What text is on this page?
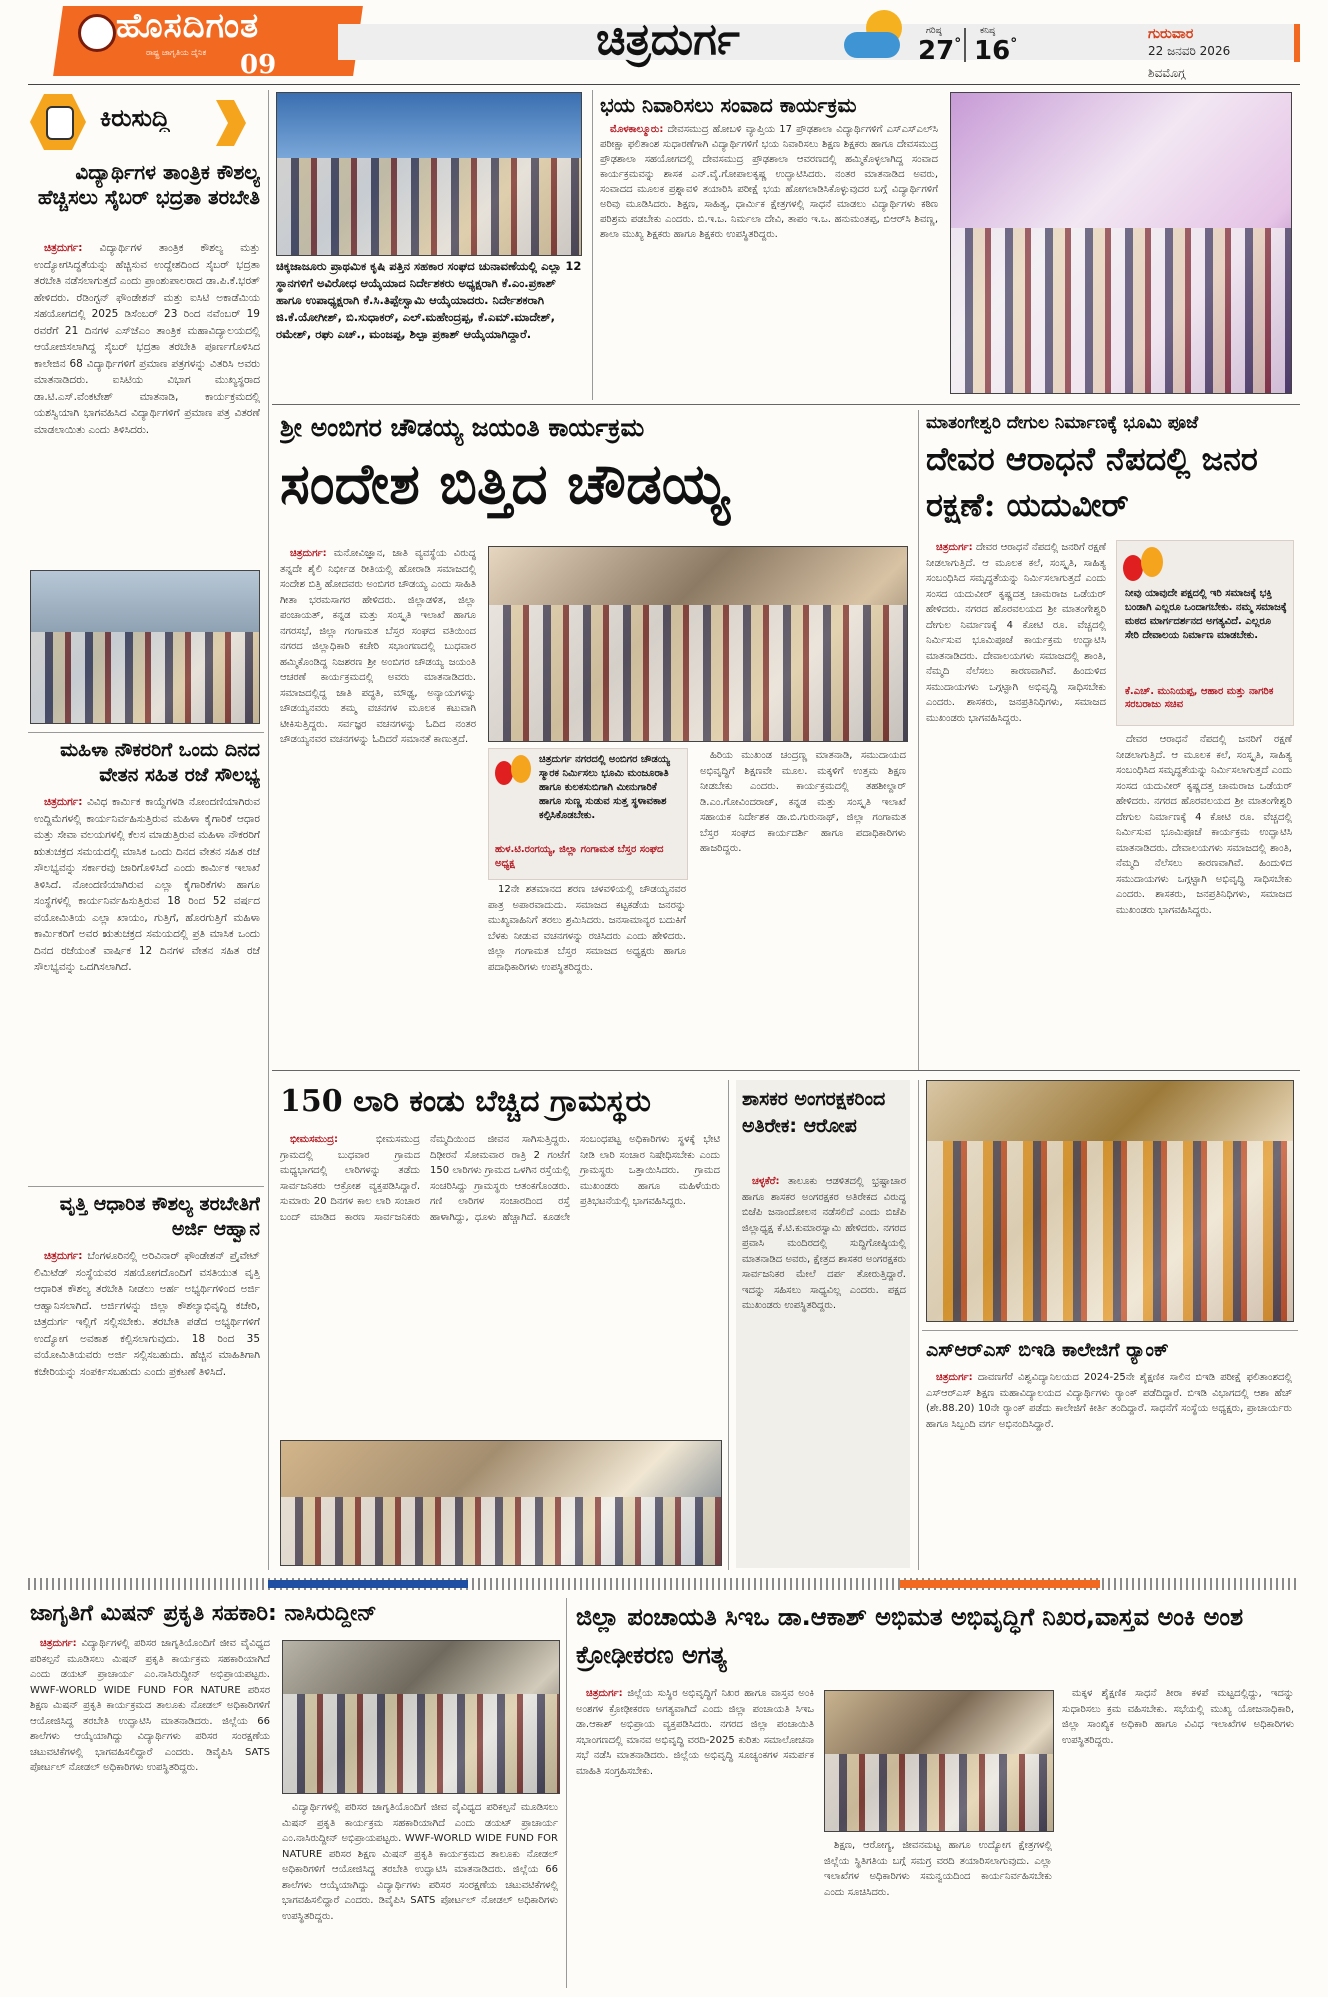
ಹೊಸದಿಗಂತ
ರಾಷ್ಟ್ರ ಜಾಗೃತಿಯ ದೈನಿಕ 09	ಚಿತ್ರದುರ್ಗ	ಗರಿಷ್ಠ
27°
ಕನಿಷ್ಠ
16°
ಗುರುವಾರ
22 ಜನವರಿ 2026
ಶಿವಮೊಗ್ಗ
ಕಿರುಸುದ್ದಿ
ವಿದ್ಯಾರ್ಥಿಗಳ ತಾಂತ್ರಿಕ ಕೌಶಲ್ಯ ಹೆಚ್ಚಿಸಲು ಸೈಬರ್ ಭದ್ರತಾ ತರಬೇತಿ

ಚಿತ್ರದುರ್ಗ: ವಿದ್ಯಾರ್ಥಿಗಳ ತಾಂತ್ರಿಕ ಕೌಶಲ್ಯ ಮತ್ತು ಉದ್ಯೋಗಸಿದ್ಧತೆಯನ್ನು ಹೆಚ್ಚಿಸುವ ಉದ್ದೇಶದಿಂದ ಸೈಬರ್ ಭದ್ರತಾ ತರಬೇತಿ ನಡೆಸಲಾಗುತ್ತದೆ ಎಂದು ಪ್ರಾಂಶುಪಾಲರಾದ ಡಾ.ಪಿ.ಕೆ.ಭರತ್ ಹೇಳಿದರು. ರೆಡಿಂಗ್ಟನ್ ಫೌಂಡೇಶನ್ ಮತ್ತು ಐಸಿಟಿ ಅಕಾಡೆಮಿಯ ಸಹಯೋಗದಲ್ಲಿ 2025 ಡಿಸೆಂಬರ್ 23 ರಿಂದ ನವೆಂಬರ್ 19 ರವರೆಗೆ 21 ದಿನಗಳ ಎಸ್‌ಜೆಎಂ ತಾಂತ್ರಿಕ ಮಹಾವಿದ್ಯಾಲಯದಲ್ಲಿ ಆಯೋಜಿಸಲಾಗಿದ್ದ ಸೈಬರ್ ಭದ್ರತಾ ತರಬೇತಿ ಪೂರ್ಣಗೊಳಿಸಿದ ಕಾಲೇಜಿನ 68 ವಿದ್ಯಾರ್ಥಿಗಳಿಗೆ ಪ್ರಮಾಣ ಪತ್ರಗಳನ್ನು ವಿತರಿಸಿ ಅವರು ಮಾತನಾಡಿದರು. ಐಸಿಟಿಯ ವಿಭಾಗ ಮುಖ್ಯಸ್ಥರಾದ ಡಾ.ಟಿ.ಎಸ್.ವೆಂಕಟೇಶ್ ಮಾತನಾಡಿ, ಕಾರ್ಯಕ್ರಮದಲ್ಲಿ ಯಶಸ್ವಿಯಾಗಿ ಭಾಗವಹಿಸಿದ ವಿದ್ಯಾರ್ಥಿಗಳಿಗೆ ಪ್ರಮಾಣ ಪತ್ರ ವಿತರಣೆ ಮಾಡಲಾಯಿತು ಎಂದು ತಿಳಿಸಿದರು.

ಮಹಿಳಾ ನೌಕರರಿಗೆ ಒಂದು ದಿನದ ವೇತನ ಸಹಿತ ರಜೆ ಸೌಲಭ್ಯ

ಚಿತ್ರದುರ್ಗ: ವಿವಿಧ ಕಾರ್ಮಿಕ ಕಾಯ್ದೆಗಳಡಿ ನೋಂದಣಿಯಾಗಿರುವ ಉದ್ದಿಮೆಗಳಲ್ಲಿ ಕಾರ್ಯನಿರ್ವಹಿಸುತ್ತಿರುವ ಮಹಿಳಾ ಕೈಗಾರಿಕೆ ಆಧಾರ ಮತ್ತು ಸೇವಾ ವಲಯಗಳಲ್ಲಿ ಕೆಲಸ ಮಾಡುತ್ತಿರುವ ಮಹಿಳಾ ನೌಕರರಿಗೆ ಋತುಚಕ್ರದ ಸಮಯದಲ್ಲಿ ಮಾಸಿಕ ಒಂದು ದಿನದ ವೇತನ ಸಹಿತ ರಜೆ ಸೌಲಭ್ಯವನ್ನು ಸರ್ಕಾರವು ಜಾರಿಗೊಳಿಸಿದೆ ಎಂದು ಕಾರ್ಮಿಕ ಇಲಾಖೆ ತಿಳಿಸಿದೆ. ನೋಂದಣಿಯಾಗಿರುವ ಎಲ್ಲಾ ಕೈಗಾರಿಕೆಗಳು ಹಾಗೂ ಸಂಸ್ಥೆಗಳಲ್ಲಿ ಕಾರ್ಯನಿರ್ವಹಿಸುತ್ತಿರುವ 18 ರಿಂದ 52 ವರ್ಷದ ವಯೋಮಿತಿಯ ಎಲ್ಲಾ ಖಾಯಂ, ಗುತ್ತಿಗೆ, ಹೊರಗುತ್ತಿಗೆ ಮಹಿಳಾ ಕಾರ್ಮಿಕರಿಗೆ ಅವರ ಋತುಚಕ್ರದ ಸಮಯದಲ್ಲಿ ಪ್ರತಿ ಮಾಸಿಕ ಒಂದು ದಿನದ ರಜೆಯಂತೆ ವಾರ್ಷಿಕ 12 ದಿನಗಳ ವೇತನ ಸಹಿತ ರಜೆ ಸೌಲಭ್ಯವನ್ನು ಒದಗಿಸಲಾಗಿದೆ.

ವೃತ್ತಿ ಆಧಾರಿತ ಕೌಶಲ್ಯ ತರಬೇತಿಗೆ ಅರ್ಜಿ ಆಹ್ವಾನ

ಚಿತ್ರದುರ್ಗ: ಬೆಂಗಳೂರಿನಲ್ಲಿ ಅರಿವಿನಾರ್ ಫೌಂಡೇಶನ್ ಪ್ರೈವೇಟ್ ಲಿಮಿಟೆಡ್ ಸಂಸ್ಥೆಯವರ ಸಹಯೋಗದೊಂದಿಗೆ ವಸತಿಯುತ ವೃತ್ತಿ ಆಧಾರಿತ ಕೌಶಲ್ಯ ತರಬೇತಿ ನೀಡಲು ಅರ್ಹ ಅಭ್ಯರ್ಥಿಗಳಿಂದ ಅರ್ಜಿ ಆಹ್ವಾನಿಸಲಾಗಿದೆ. ಅರ್ಜಿಗಳನ್ನು ಜಿಲ್ಲಾ ಕೌಶಲ್ಯಾಭಿವೃದ್ಧಿ ಕಚೇರಿ, ಚಿತ್ರದುರ್ಗ ಇಲ್ಲಿಗೆ ಸಲ್ಲಿಸಬೇಕು. ತರಬೇತಿ ಪಡೆದ ಅಭ್ಯರ್ಥಿಗಳಿಗೆ ಉದ್ಯೋಗ ಅವಕಾಶ ಕಲ್ಪಿಸಲಾಗುವುದು. 18 ರಿಂದ 35 ವಯೋಮಿತಿಯವರು ಅರ್ಜಿ ಸಲ್ಲಿಸಬಹುದು. ಹೆಚ್ಚಿನ ಮಾಹಿತಿಗಾಗಿ ಕಚೇರಿಯನ್ನು ಸಂಪರ್ಕಿಸಬಹುದು ಎಂದು ಪ್ರಕಟಣೆ ತಿಳಿಸಿದೆ.

ಚಿಕ್ಕಜಾಜೂರು ಪ್ರಾಥಮಿಕ ಕೃಷಿ ಪತ್ತಿನ ಸಹಕಾರ ಸಂಘದ ಚುನಾವಣೆಯಲ್ಲಿ ಎಲ್ಲಾ 12 ಸ್ಥಾನಗಳಿಗೆ ಅವಿರೋಧ ಆಯ್ಕೆಯಾದ ನಿರ್ದೇಶಕರು ಅಧ್ಯಕ್ಷರಾಗಿ ಕೆ.ಎಂ.ಪ್ರಕಾಶ್ ಹಾಗೂ ಉಪಾಧ್ಯಕ್ಷರಾಗಿ ಕೆ.ಸಿ.ತಿಪ್ಪೇಸ್ವಾಮಿ ಆಯ್ಕೆಯಾದರು. ನಿರ್ದೇಶಕರಾಗಿ ಜಿ.ಕೆ.ಯೋಗೀಶ್, ಬಿ.ಸುಧಾಕರ್, ಎಲ್.ಮಹೇಂದ್ರಪ್ಪ, ಕೆ.ಎಮ್.ಮಾದೇಶ್, ರಮೇಶ್, ರಘು ಎಚ್., ಮಂಜಪ್ಪ, ಶಿಲ್ಪಾ ಪ್ರಕಾಶ್ ಆಯ್ಕೆಯಾಗಿದ್ದಾರೆ.
ಭಯ ನಿವಾರಿಸಲು ಸಂವಾದ ಕಾರ್ಯಕ್ರಮ

ಮೊಳಕಾಲ್ಮೂರು: ದೇವಸಮುದ್ರ ಹೋಬಳಿ ವ್ಯಾಪ್ತಿಯ 17 ಪ್ರೌಢಶಾಲಾ ವಿದ್ಯಾರ್ಥಿಗಳಿಗೆ ಎಸ್‌ಎಸ್‌ಎಲ್‌ಸಿ ಪರೀಕ್ಷಾ ಫಲಿತಾಂಶ ಸುಧಾರಣೆಗಾಗಿ ವಿದ್ಯಾರ್ಥಿಗಳಿಗೆ ಭಯ ನಿವಾರಿಸಲು ಶಿಕ್ಷಣ ಶಿಕ್ಷಕರು ಹಾಗೂ ದೇವಸಮುದ್ರ ಪ್ರೌಢಶಾಲಾ ಸಹಯೋಗದಲ್ಲಿ ದೇವಸಮುದ್ರ ಪ್ರೌಢಶಾಲಾ ಆವರಣದಲ್ಲಿ ಹಮ್ಮಿಕೊಳ್ಳಲಾಗಿದ್ದ ಸಂವಾದ ಕಾರ್ಯಕ್ರಮವನ್ನು ಶಾಸಕ ಎನ್.ವೈ.ಗೋಪಾಲಕೃಷ್ಣ ಉದ್ಘಾಟಿಸಿದರು. ನಂತರ ಮಾತನಾಡಿದ ಅವರು, ಸಂವಾದದ ಮೂಲಕ ಪ್ರಶ್ನಾವಳಿ ತಯಾರಿಸಿ ಪರೀಕ್ಷೆ ಭಯ ಹೋಗಲಾಡಿಸಿಕೊಳ್ಳುವುದರ ಬಗ್ಗೆ ವಿದ್ಯಾರ್ಥಿಗಳಿಗೆ ಅರಿವು ಮೂಡಿಸಿದರು. ಶಿಕ್ಷಣ, ಸಾಹಿತ್ಯ, ಧಾರ್ಮಿಕ ಕ್ಷೇತ್ರಗಳಲ್ಲಿ ಸಾಧನೆ ಮಾಡಲು ವಿದ್ಯಾರ್ಥಿಗಳು ಕಠಿಣ ಪರಿಶ್ರಮ ಪಡಬೇಕು ಎಂದರು. ಬಿ.ಇ.ಒ. ನಿರ್ಮಲಾ ದೇವಿ, ತಾಪಂ ಇ.ಒ. ಹನುಮಂತಪ್ಪ, ಬಿಆರ್‌ಸಿ ಶಿವಣ್ಣ, ಶಾಲಾ ಮುಖ್ಯ ಶಿಕ್ಷಕರು ಹಾಗೂ ಶಿಕ್ಷಕರು ಉಪಸ್ಥಿತರಿದ್ದರು.

ಶ್ರೀ ಅಂಬಿಗರ ಚೌಡಯ್ಯ ಜಯಂತಿ ಕಾರ್ಯಕ್ರಮ
ಸಂದೇಶ ಬಿತ್ತಿದ ಚೌಡಯ್ಯ

ಚಿತ್ರದುರ್ಗ: ಮನೋವಿಜ್ಞಾನ, ಜಾತಿ ವ್ಯವಸ್ಥೆಯ ವಿರುದ್ಧ ತನ್ನದೇ ಶೈಲಿ ನಿರ್ಭೀಡ ರೀತಿಯಲ್ಲಿ ಹೋರಾಡಿ ಸಮಾಜದಲ್ಲಿ ಸಂದೇಶ ಬಿತ್ತಿ ಹೋದವರು ಅಂಬಿಗರ ಚೌಡಯ್ಯ ಎಂದು ಸಾಹಿತಿ ಗೀತಾ ಭರಮಸಾಗರ ಹೇಳಿದರು. ಜಿಲ್ಲಾಡಳಿತ, ಜಿಲ್ಲಾ ಪಂಚಾಯತ್, ಕನ್ನಡ ಮತ್ತು ಸಂಸ್ಕೃತಿ ಇಲಾಖೆ ಹಾಗೂ ನಗರಸಭೆ, ಜಿಲ್ಲಾ ಗಂಗಾಮತ ಬೆಸ್ತರ ಸಂಘದ ವತಿಯಿಂದ ನಗರದ ಜಿಲ್ಲಾಧಿಕಾರಿ ಕಚೇರಿ ಸಭಾಂಗಣದಲ್ಲಿ ಬುಧವಾರ ಹಮ್ಮಿಕೊಂಡಿದ್ದ ನಿಜಶರಣ ಶ್ರೀ ಅಂಬಿಗರ ಚೌಡಯ್ಯ ಜಯಂತಿ ಆಚರಣೆ ಕಾರ್ಯಕ್ರಮದಲ್ಲಿ ಅವರು ಮಾತನಾಡಿದರು. ಸಮಾಜದಲ್ಲಿದ್ದ ಜಾತಿ ಪದ್ಧತಿ, ಮೌಢ್ಯ, ಅನ್ಯಾಯಗಳನ್ನು ಚೌಡಯ್ಯನವರು ತಮ್ಮ ವಚನಗಳ ಮೂಲಕ ಕಟುವಾಗಿ ಟೀಕಿಸುತ್ತಿದ್ದರು. ಸರ್ವಜ್ಞರ ವಚನಗಳನ್ನು ಓದಿದ ನಂತರ ಚೌಡಯ್ಯನವರ ವಚನಗಳನ್ನು ಓದಿದರೆ ಸಮಾನತೆ ಕಾಣುತ್ತದೆ.

ಚಿತ್ರದುರ್ಗ ನಗರದಲ್ಲಿ ಅಂಬಿಗರ ಚೌಡಯ್ಯ ಸ್ಮಾರಕ ನಿರ್ಮಿಸಲು ಭೂಮಿ ಮಂಜೂರಾತಿ ಹಾಗೂ ಕುಲಕಸುಬಿಗಾಗಿ ಮೀನುಗಾರಿಕೆ ಹಾಗೂ ಸುಣ್ಣ ಸುಡುವ ಸುತ್ತ ಸ್ಥಳಾವಕಾಶ ಕಲ್ಪಿಸಿಕೊಡಬೇಕು.
ಹುಳ.ಟಿ.ರಂಗಯ್ಯ, ಜಿಲ್ಲಾ ಗಂಗಾಮತ ಬೆಸ್ತರ ಸಂಘದ ಅಧ್ಯಕ್ಷ

12ನೇ ಶತಮಾನದ ಶರಣ ಚಳವಳಿಯಲ್ಲಿ ಚೌಡಯ್ಯನವರ ಪಾತ್ರ ಅಪಾರವಾದುದು. ಸಮಾಜದ ಕಟ್ಟಕಡೆಯ ಜನರನ್ನು ಮುಖ್ಯವಾಹಿನಿಗೆ ತರಲು ಶ್ರಮಿಸಿದರು. ಜನಸಾಮಾನ್ಯರ ಬದುಕಿಗೆ ಬೆಳಕು ನೀಡುವ ವಚನಗಳನ್ನು ರಚಿಸಿದರು ಎಂದು ಹೇಳಿದರು. ಜಿಲ್ಲಾ ಗಂಗಾಮತ ಬೆಸ್ತರ ಸಮಾಜದ ಅಧ್ಯಕ್ಷರು ಹಾಗೂ ಪದಾಧಿಕಾರಿಗಳು ಉಪಸ್ಥಿತರಿದ್ದರು.

ಹಿರಿಯ ಮುಖಂಡ ಚಂದ್ರಣ್ಣ ಮಾತನಾಡಿ, ಸಮುದಾಯದ ಅಭಿವೃದ್ಧಿಗೆ ಶಿಕ್ಷಣವೇ ಮೂಲ. ಮಕ್ಕಳಿಗೆ ಉತ್ತಮ ಶಿಕ್ಷಣ ನೀಡಬೇಕು ಎಂದರು. ಕಾರ್ಯಕ್ರಮದಲ್ಲಿ ತಹಶೀಲ್ದಾರ್ ಡಿ.ಎಂ.ಗೋವಿಂದರಾಜ್, ಕನ್ನಡ ಮತ್ತು ಸಂಸ್ಕೃತಿ ಇಲಾಖೆ ಸಹಾಯಕ ನಿರ್ದೇಶಕ ಡಾ.ಬಿ.ಗುರುನಾಥ್, ಜಿಲ್ಲಾ ಗಂಗಾಮತ ಬೆಸ್ತರ ಸಂಘದ ಕಾರ್ಯದರ್ಶಿ ಹಾಗೂ ಪದಾಧಿಕಾರಿಗಳು ಹಾಜರಿದ್ದರು.

ಮಾತಂಗೇಶ್ವರಿ ದೇಗುಲ ನಿರ್ಮಾಣಕ್ಕೆ ಭೂಮಿ ಪೂಜೆ
ದೇವರ ಆರಾಧನೆ ನೆಪದಲ್ಲಿ ಜನರ ರಕ್ಷಣೆ: ಯದುವೀರ್

ಚಿತ್ರದುರ್ಗ: ದೇವರ ಆರಾಧನೆ ನೆಪದಲ್ಲಿ ಜನರಿಗೆ ರಕ್ಷಣೆ ನೀಡಲಾಗುತ್ತಿದೆ. ಆ ಮೂಲಕ ಕಲೆ, ಸಂಸ್ಕೃತಿ, ಸಾಹಿತ್ಯ ಸಂಬಂಧಿಸಿದ ಸಮೃದ್ಧತೆಯನ್ನು ನಿರ್ಮಿಸಲಾಗುತ್ತದೆ ಎಂದು ಸಂಸದ ಯದುವೀರ್ ಕೃಷ್ಣದತ್ತ ಚಾಮರಾಜ ಒಡೆಯರ್ ಹೇಳಿದರು. ನಗರದ ಹೊರವಲಯದ ಶ್ರೀ ಮಾತಂಗೇಶ್ವರಿ ದೇಗುಲ ನಿರ್ಮಾಣಕ್ಕೆ 4 ಕೋಟಿ ರೂ. ವೆಚ್ಚದಲ್ಲಿ ನಿರ್ಮಿಸುವ ಭೂಮಿಪೂಜೆ ಕಾರ್ಯಕ್ರಮ ಉದ್ಘಾಟಿಸಿ ಮಾತನಾಡಿದರು. ದೇವಾಲಯಗಳು ಸಮಾಜದಲ್ಲಿ ಶಾಂತಿ, ನೆಮ್ಮದಿ ನೆಲೆಸಲು ಕಾರಣವಾಗಿವೆ. ಹಿಂದುಳಿದ ಸಮುದಾಯಗಳು ಒಗ್ಗಟ್ಟಾಗಿ ಅಭಿವೃದ್ಧಿ ಸಾಧಿಸಬೇಕು ಎಂದರು. ಶಾಸಕರು, ಜನಪ್ರತಿನಿಧಿಗಳು, ಸಮಾಜದ ಮುಖಂಡರು ಭಾಗವಹಿಸಿದ್ದರು.

ನೀವು ಯಾವುದೇ ಪಕ್ಷದಲ್ಲಿ ಇರಿ ಸಮಾಜಕ್ಕೆ ಭಕ್ತಿ ಬಂಡಾಗಿ ಎಲ್ಲರೂ ಒಂದಾಗಬೇಕು. ನಮ್ಮ ಸಮಾಜಕ್ಕೆ ಮಠದ ಮಾರ್ಗದರ್ಶನದ ಅಗತ್ಯವಿದೆ. ಎಲ್ಲರೂ ಸೇರಿ ದೇವಾಲಯ ನಿರ್ಮಾಣ ಮಾಡಬೇಕು.
ಕೆ.ಎಚ್. ಮುನಿಯಪ್ಪ, ಆಹಾರ ಮತ್ತು ನಾಗರಿಕ ಸರಬರಾಜು ಸಚಿವ

ದೇವರ ಆರಾಧನೆ ನೆಪದಲ್ಲಿ ಜನರಿಗೆ ರಕ್ಷಣೆ ನೀಡಲಾಗುತ್ತಿದೆ. ಆ ಮೂಲಕ ಕಲೆ, ಸಂಸ್ಕೃತಿ, ಸಾಹಿತ್ಯ ಸಂಬಂಧಿಸಿದ ಸಮೃದ್ಧತೆಯನ್ನು ನಿರ್ಮಿಸಲಾಗುತ್ತದೆ ಎಂದು ಸಂಸದ ಯದುವೀರ್ ಕೃಷ್ಣದತ್ತ ಚಾಮರಾಜ ಒಡೆಯರ್ ಹೇಳಿದರು. ನಗರದ ಹೊರವಲಯದ ಶ್ರೀ ಮಾತಂಗೇಶ್ವರಿ ದೇಗುಲ ನಿರ್ಮಾಣಕ್ಕೆ 4 ಕೋಟಿ ರೂ. ವೆಚ್ಚದಲ್ಲಿ ನಿರ್ಮಿಸುವ ಭೂಮಿಪೂಜೆ ಕಾರ್ಯಕ್ರಮ ಉದ್ಘಾಟಿಸಿ ಮಾತನಾಡಿದರು. ದೇವಾಲಯಗಳು ಸಮಾಜದಲ್ಲಿ ಶಾಂತಿ, ನೆಮ್ಮದಿ ನೆಲೆಸಲು ಕಾರಣವಾಗಿವೆ. ಹಿಂದುಳಿದ ಸಮುದಾಯಗಳು ಒಗ್ಗಟ್ಟಾಗಿ ಅಭಿವೃದ್ಧಿ ಸಾಧಿಸಬೇಕು ಎಂದರು. ಶಾಸಕರು, ಜನಪ್ರತಿನಿಧಿಗಳು, ಸಮಾಜದ ಮುಖಂಡರು ಭಾಗವಹಿಸಿದ್ದರು.

150 ಲಾರಿ ಕಂಡು ಬೆಚ್ಚಿದ ಗ್ರಾಮಸ್ಥರು

ಭೀಮಸಮುದ್ರ:	ಭೀಮಸಮುದ್ರ ಗ್ರಾಮದಲ್ಲಿ ಬುಧವಾರ ಗ್ರಾಮದ ಮಧ್ಯಭಾಗದಲ್ಲಿ ಲಾರಿಗಳನ್ನು ತಡೆದು ಸಾರ್ವಜನಿಕರು ಆಕ್ರೋಶ ವ್ಯಕ್ತಪಡಿಸಿದ್ದಾರೆ. ಸುಮಾರು 20 ದಿನಗಳ ಕಾಲ ಲಾರಿ ಸಂಚಾರ ಬಂದ್ ಮಾಡಿದ ಕಾರಣ ಸಾರ್ವಜನಿಕರು ನೆಮ್ಮದಿಯಿಂದ ಜೀವನ ಸಾಗಿಸುತ್ತಿದ್ದರು. ದಿಢೀರನೆ ಸೋಮವಾರ ರಾತ್ರಿ 2 ಗಂಟೆಗೆ 150 ಲಾರಿಗಳು ಗ್ರಾಮದ ಒಳಗಿನ ರಸ್ತೆಯಲ್ಲಿ ಸಂಚರಿಸಿದ್ದು ಗ್ರಾಮಸ್ಥರು ಆತಂಕಗೊಂಡರು. ಗಣಿ ಲಾರಿಗಳ ಸಂಚಾರದಿಂದ ರಸ್ತೆ ಹಾಳಾಗಿದ್ದು, ಧೂಳು ಹೆಚ್ಚಾಗಿದೆ. ಕೂಡಲೇ ಸಂಬಂಧಪಟ್ಟ ಅಧಿಕಾರಿಗಳು ಸ್ಥಳಕ್ಕೆ ಭೇಟಿ ನೀಡಿ ಲಾರಿ ಸಂಚಾರ ನಿಷೇಧಿಸಬೇಕು ಎಂದು ಗ್ರಾಮಸ್ಥರು ಒತ್ತಾಯಿಸಿದರು. ಗ್ರಾಮದ ಮುಖಂಡರು ಹಾಗೂ ಮಹಿಳೆಯರು ಪ್ರತಿಭಟನೆಯಲ್ಲಿ ಭಾಗವಹಿಸಿದ್ದರು.

ಶಾಸಕರ ಅಂಗರಕ್ಷಕರಿಂದ ಅತಿರೇಕ: ಆರೋಪ

ಚಳ್ಳಕೆರೆ: ತಾಲೂಕು ಆಡಳಿತದಲ್ಲಿ ಭ್ರಷ್ಟಾಚಾರ ಹಾಗೂ ಶಾಸಕರ ಅಂಗರಕ್ಷಕರ ಅತಿರೇಕದ ವಿರುದ್ಧ ಬಿಜೆಪಿ ಜನಾಂದೋಲನ ನಡೆಸಲಿದೆ ಎಂದು ಬಿಜೆಪಿ ಜಿಲ್ಲಾಧ್ಯಕ್ಷ ಕೆ.ಟಿ.ಕುಮಾರಸ್ವಾಮಿ ಹೇಳಿದರು. ನಗರದ ಪ್ರವಾಸಿ ಮಂದಿರದಲ್ಲಿ ಸುದ್ದಿಗೋಷ್ಠಿಯಲ್ಲಿ ಮಾತನಾಡಿದ ಅವರು, ಕ್ಷೇತ್ರದ ಶಾಸಕರ ಅಂಗರಕ್ಷಕರು ಸಾರ್ವಜನಿಕರ ಮೇಲೆ ದರ್ಪ ತೋರುತ್ತಿದ್ದಾರೆ. ಇದನ್ನು ಸಹಿಸಲು ಸಾಧ್ಯವಿಲ್ಲ ಎಂದರು. ಪಕ್ಷದ ಮುಖಂಡರು ಉಪಸ್ಥಿತರಿದ್ದರು.

ಎಸ್‌ಆರ್‌ಎಸ್ ಬಿಇಡಿ ಕಾಲೇಜಿಗೆ ರ್‍ಯಾಂಕ್

ಚಿತ್ರದುರ್ಗ: ದಾವಣಗೆರೆ ವಿಶ್ವವಿದ್ಯಾನಿಲಯದ 2024-25ನೇ ಶೈಕ್ಷಣಿಕ ಸಾಲಿನ ಬಿಇಡಿ ಪರೀಕ್ಷೆ ಫಲಿತಾಂಶದಲ್ಲಿ ಎಸ್‌ಆರ್‌ಎಸ್ ಶಿಕ್ಷಣ ಮಹಾವಿದ್ಯಾಲಯದ ವಿದ್ಯಾರ್ಥಿಗಳು ರ್‍ಯಾಂಕ್ ಪಡೆದಿದ್ದಾರೆ. ಬಿಇಡಿ ವಿಭಾಗದಲ್ಲಿ ಆಶಾ ಹೆಚ್ (ಶೇ.88.20) 10ನೇ ರ್‍ಯಾಂಕ್ ಪಡೆದು ಕಾಲೇಜಿಗೆ ಕೀರ್ತಿ ತಂದಿದ್ದಾರೆ. ಸಾಧನೆಗೆ ಸಂಸ್ಥೆಯ ಅಧ್ಯಕ್ಷರು, ಪ್ರಾಚಾರ್ಯರು ಹಾಗೂ ಸಿಬ್ಬಂದಿ ವರ್ಗ ಅಭಿನಂದಿಸಿದ್ದಾರೆ.

ಜಾಗೃತಿಗೆ ಮಿಷನ್ ಪ್ರಕೃತಿ ಸಹಕಾರಿ: ನಾಸಿರುದ್ದೀನ್

ಚಿತ್ರದುರ್ಗ: ವಿದ್ಯಾರ್ಥಿಗಳಲ್ಲಿ ಪರಿಸರ ಜಾಗೃತಿಯೊಂದಿಗೆ ಜೀವ ವೈವಿಧ್ಯದ ಪರಿಕಲ್ಪನೆ ಮೂಡಿಸಲು ಮಿಷನ್ ಪ್ರಕೃತಿ ಕಾರ್ಯಕ್ರಮ ಸಹಕಾರಿಯಾಗಿದೆ ಎಂದು ಡಯಟ್ ಪ್ರಾಚಾರ್ಯ ಎಂ.ನಾಸಿರುದ್ದೀನ್ ಅಭಿಪ್ರಾಯಪಟ್ಟರು. WWF-WORLD WIDE FUND FOR NATURE ಪರಿಸರ ಶಿಕ್ಷಣ ಮಿಷನ್ ಪ್ರಕೃತಿ ಕಾರ್ಯಕ್ರಮದ ತಾಲೂಕು ನೋಡಲ್ ಅಧಿಕಾರಿಗಳಿಗೆ ಆಯೋಜಿಸಿದ್ದ ತರಬೇತಿ ಉದ್ಘಾಟಿಸಿ ಮಾತನಾಡಿದರು. ಜಿಲ್ಲೆಯ 66 ಶಾಲೆಗಳು ಆಯ್ಕೆಯಾಗಿದ್ದು ವಿದ್ಯಾರ್ಥಿಗಳು ಪರಿಸರ ಸಂರಕ್ಷಣೆಯ ಚಟುವಟಿಕೆಗಳಲ್ಲಿ ಭಾಗವಹಿಸಲಿದ್ದಾರೆ ಎಂದರು. ಡಿವೈಪಿಸಿ SATS ಪೋರ್ಟಲ್‌ ನೋಡಲ್ ಅಧಿಕಾರಿಗಳು ಉಪಸ್ಥಿತರಿದ್ದರು.

ವಿದ್ಯಾರ್ಥಿಗಳಲ್ಲಿ ಪರಿಸರ ಜಾಗೃತಿಯೊಂದಿಗೆ ಜೀವ ವೈವಿಧ್ಯದ ಪರಿಕಲ್ಪನೆ ಮೂಡಿಸಲು ಮಿಷನ್ ಪ್ರಕೃತಿ ಕಾರ್ಯಕ್ರಮ ಸಹಕಾರಿಯಾಗಿದೆ ಎಂದು ಡಯಟ್ ಪ್ರಾಚಾರ್ಯ ಎಂ.ನಾಸಿರುದ್ದೀನ್ ಅಭಿಪ್ರಾಯಪಟ್ಟರು. WWF-WORLD WIDE FUND FOR NATURE ಪರಿಸರ ಶಿಕ್ಷಣ ಮಿಷನ್ ಪ್ರಕೃತಿ ಕಾರ್ಯಕ್ರಮದ ತಾಲೂಕು ನೋಡಲ್ ಅಧಿಕಾರಿಗಳಿಗೆ ಆಯೋಜಿಸಿದ್ದ ತರಬೇತಿ ಉದ್ಘಾಟಿಸಿ ಮಾತನಾಡಿದರು. ಜಿಲ್ಲೆಯ 66 ಶಾಲೆಗಳು ಆಯ್ಕೆಯಾಗಿದ್ದು ವಿದ್ಯಾರ್ಥಿಗಳು ಪರಿಸರ ಸಂರಕ್ಷಣೆಯ ಚಟುವಟಿಕೆಗಳಲ್ಲಿ ಭಾಗವಹಿಸಲಿದ್ದಾರೆ ಎಂದರು. ಡಿವೈಪಿಸಿ SATS ಪೋರ್ಟಲ್‌ ನೋಡಲ್ ಅಧಿಕಾರಿಗಳು ಉಪಸ್ಥಿತರಿದ್ದರು.

ಜಿಲ್ಲಾ ಪಂಚಾಯತಿ ಸಿಇಒ ಡಾ.ಆಕಾಶ್ ಅಭಿಮತ ಅಭಿವೃದ್ಧಿಗೆ ನಿಖರ,ವಾಸ್ತವ ಅಂಕಿ ಅಂಶ ಕ್ರೋಢೀಕರಣ ಅಗತ್ಯ

ಚಿತ್ರದುರ್ಗ: ಜಿಲ್ಲೆಯ ಸುಸ್ಥಿರ ಅಭಿವೃದ್ಧಿಗೆ ನಿಖರ ಹಾಗೂ ವಾಸ್ತವ ಅಂಕಿ ಅಂಶಗಳ ಕ್ರೋಢೀಕರಣ ಅಗತ್ಯವಾಗಿದೆ ಎಂದು ಜಿಲ್ಲಾ ಪಂಚಾಯತಿ ಸಿಇಒ ಡಾ.ಆಕಾಶ್ ಅಭಿಪ್ರಾಯ ವ್ಯಕ್ತಪಡಿಸಿದರು. ನಗರದ ಜಿಲ್ಲಾ ಪಂಚಾಯಿತಿ ಸಭಾಂಗಣದಲ್ಲಿ ಮಾನವ ಅಭಿವೃದ್ಧಿ ವರದಿ-2025 ಕುರಿತು ಸಮಾಲೋಚನಾ ಸಭೆ ನಡೆಸಿ ಮಾತನಾಡಿದರು. ಜಿಲ್ಲೆಯ ಅಭಿವೃದ್ಧಿ ಸೂಚ್ಯಂಕಗಳ ಸಮರ್ಪಕ ಮಾಹಿತಿ ಸಂಗ್ರಹಿಸಬೇಕು.

ಶಿಕ್ಷಣ, ಆರೋಗ್ಯ, ಜೀವನಮಟ್ಟ ಹಾಗೂ ಉದ್ಯೋಗ ಕ್ಷೇತ್ರಗಳಲ್ಲಿ ಜಿಲ್ಲೆಯ ಸ್ಥಿತಿಗತಿಯ ಬಗ್ಗೆ ಸಮಗ್ರ ವರದಿ ತಯಾರಿಸಲಾಗುವುದು. ಎಲ್ಲಾ ಇಲಾಖೆಗಳ ಅಧಿಕಾರಿಗಳು ಸಮನ್ವಯದಿಂದ ಕಾರ್ಯನಿರ್ವಹಿಸಬೇಕು ಎಂದು ಸೂಚಿಸಿದರು.

ಮಕ್ಕಳ ಶೈಕ್ಷಣಿಕ ಸಾಧನೆ ತೀರಾ ಕಳಪೆ ಮಟ್ಟದಲ್ಲಿದ್ದು, ಇದನ್ನು ಸುಧಾರಿಸಲು ಕ್ರಮ ವಹಿಸಬೇಕು. ಸಭೆಯಲ್ಲಿ ಮುಖ್ಯ ಯೋಜನಾಧಿಕಾರಿ, ಜಿಲ್ಲಾ ಸಾಂಖ್ಯಿಕ ಅಧಿಕಾರಿ ಹಾಗೂ ವಿವಿಧ ಇಲಾಖೆಗಳ ಅಧಿಕಾರಿಗಳು ಉಪಸ್ಥಿತರಿದ್ದರು.
